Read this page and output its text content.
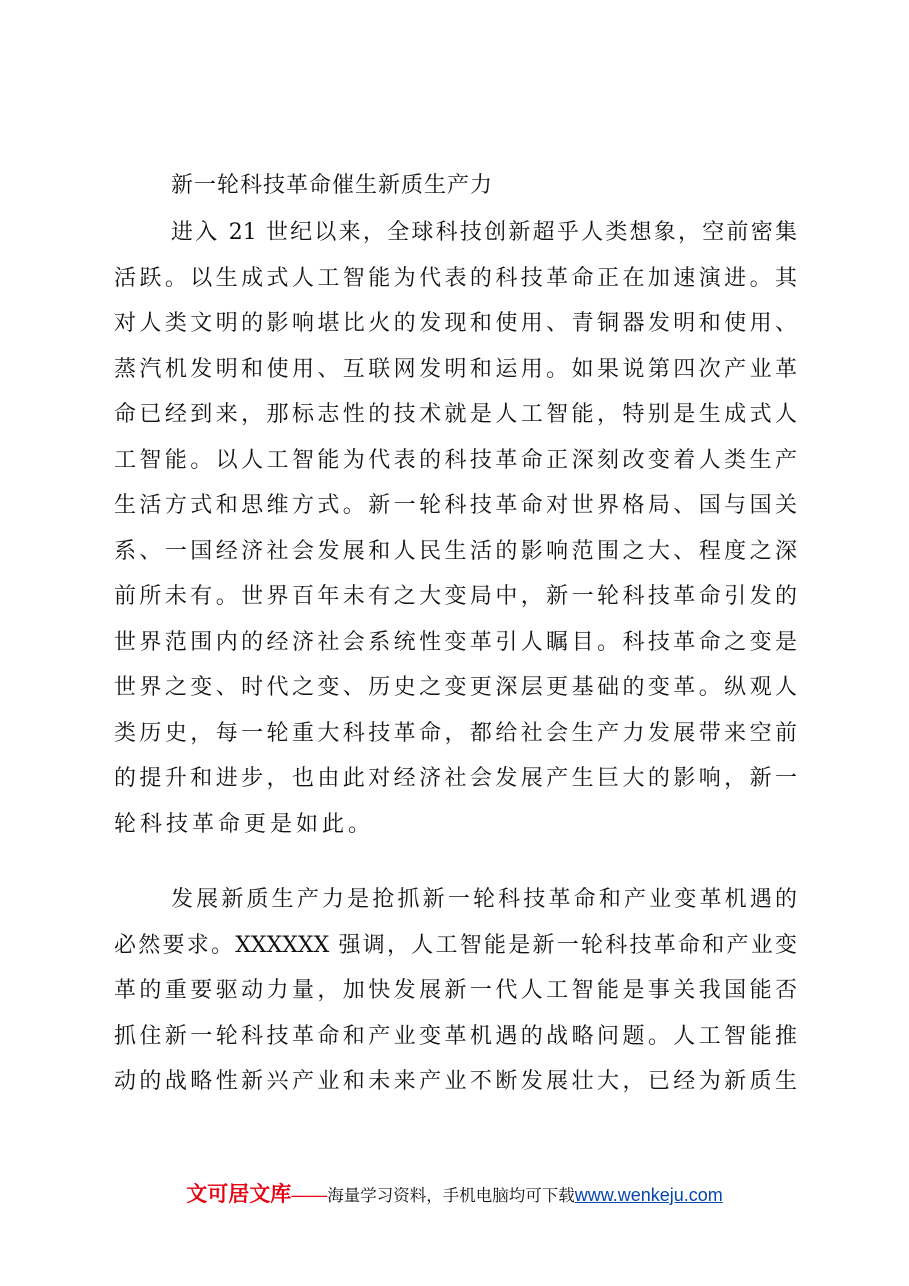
新一轮科技革命催生新质生产力
进入 21 世纪以来，全球科技创新超乎人类想象，空前密集
活跃。以生成式人工智能为代表的科技革命正在加速演进。其
对人类文明的影响堪比火的发现和使用、青铜器发明和使用、
蒸汽机发明和使用、互联网发明和运用。如果说第四次产业革
命已经到来，那标志性的技术就是人工智能，特别是生成式人
工智能。以人工智能为代表的科技革命正深刻改变着人类生产
生活方式和思维方式。新一轮科技革命对世界格局、国与国关
系、一国经济社会发展和人民生活的影响范围之大、程度之深
前所未有。世界百年未有之大变局中，新一轮科技革命引发的
世界范围内的经济社会系统性变革引人瞩目。科技革命之变是
世界之变、时代之变、历史之变更深层更基础的变革。纵观人
类历史，每一轮重大科技革命，都给社会生产力发展带来空前
的提升和进步，也由此对经济社会发展产生巨大的影响，新一
轮科技革命更是如此。
发展新质生产力是抢抓新一轮科技革命和产业变革机遇的
必然要求。XXXXXX 强调，人工智能是新一轮科技革命和产业变
革的重要驱动力量，加快发展新一代人工智能是事关我国能否
抓住新一轮科技革命和产业变革机遇的战略问题。人工智能推
动的战略性新兴产业和未来产业不断发展壮大，已经为新质生
文可居文库——海量学习资料，手机电脑均可下载www.wenkeju.com
